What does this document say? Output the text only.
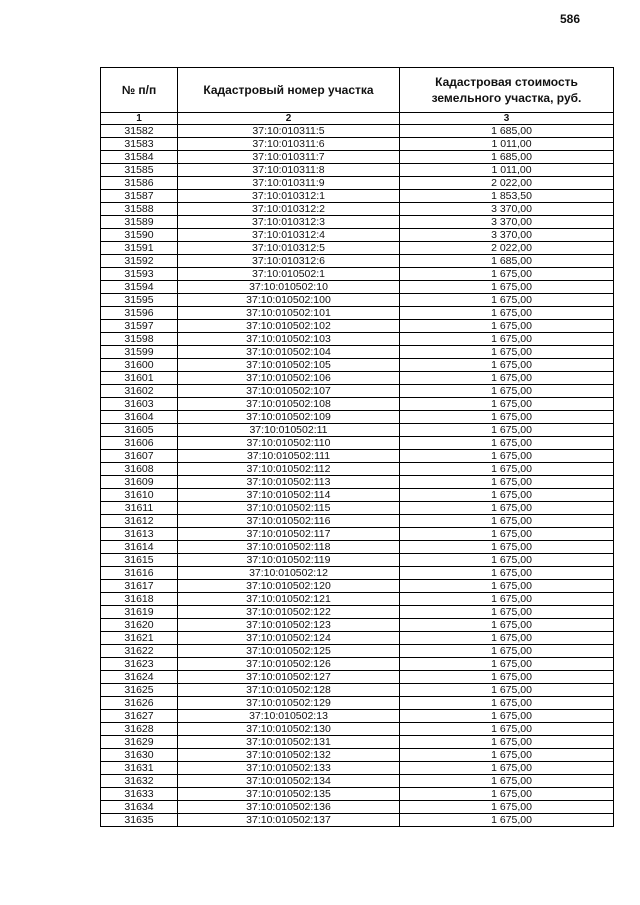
586
№ п/п	Кадастровый номер участка	Кадастровая стоимость земельного участка, руб.
1	2	3
31582	37:10:010311:5	1 685,00
31583	37:10:010311:6	1 011,00
31584	37:10:010311:7	1 685,00
31585	37:10:010311:8	1 011,00
31586	37:10:010311:9	2 022,00
31587	37:10:010312:1	1 853,50
31588	37:10:010312:2	3 370,00
31589	37:10:010312:3	3 370,00
31590	37:10:010312:4	3 370,00
31591	37:10:010312:5	2 022,00
31592	37:10:010312:6	1 685,00
31593	37:10:010502:1	1 675,00
31594	37:10:010502:10	1 675,00
31595	37:10:010502:100	1 675,00
31596	37:10:010502:101	1 675,00
31597	37:10:010502:102	1 675,00
31598	37:10:010502:103	1 675,00
31599	37:10:010502:104	1 675,00
31600	37:10:010502:105	1 675,00
31601	37:10:010502:106	1 675,00
31602	37:10:010502:107	1 675,00
31603	37:10:010502:108	1 675,00
31604	37:10:010502:109	1 675,00
31605	37:10:010502:11	1 675,00
31606	37:10:010502:110	1 675,00
31607	37:10:010502:111	1 675,00
31608	37:10:010502:112	1 675,00
31609	37:10:010502:113	1 675,00
31610	37:10:010502:114	1 675,00
31611	37:10:010502:115	1 675,00
31612	37:10:010502:116	1 675,00
31613	37:10:010502:117	1 675,00
31614	37:10:010502:118	1 675,00
31615	37:10:010502:119	1 675,00
31616	37:10:010502:12	1 675,00
31617	37:10:010502:120	1 675,00
31618	37:10:010502:121	1 675,00
31619	37:10:010502:122	1 675,00
31620	37:10:010502:123	1 675,00
31621	37:10:010502:124	1 675,00
31622	37:10:010502:125	1 675,00
31623	37:10:010502:126	1 675,00
31624	37:10:010502:127	1 675,00
31625	37:10:010502:128	1 675,00
31626	37:10:010502:129	1 675,00
31627	37:10:010502:13	1 675,00
31628	37:10:010502:130	1 675,00
31629	37:10:010502:131	1 675,00
31630	37:10:010502:132	1 675,00
31631	37:10:010502:133	1 675,00
31632	37:10:010502:134	1 675,00
31633	37:10:010502:135	1 675,00
31634	37:10:010502:136	1 675,00
31635	37:10:010502:137	1 675,00
